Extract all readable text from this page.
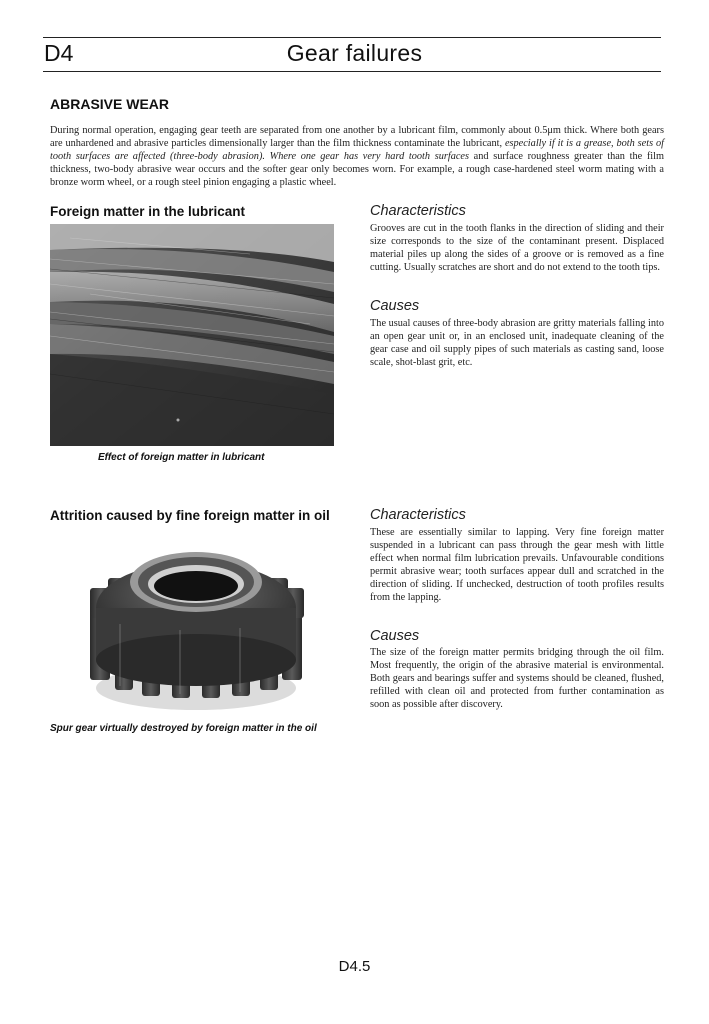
D4	Gear failures
ABRASIVE WEAR

During normal operation, engaging gear teeth are separated from one another by a lubricant film, commonly about 0.5μm thick. Where both gears are unhardened and abrasive particles dimensionally larger than the film thickness contaminate the lubricant, especially if it is a grease, both sets of tooth surfaces are affected (three-body abrasion). Where one gear has very hard tooth surfaces and surface roughness greater than the film thickness, two-body abrasive wear occurs and the softer gear only becomes worn. For example, a rough case-hardened steel worm mating with a bronze worm wheel, or a rough steel pinion engaging a plastic wheel.

Foreign matter in the lubricant
Effect of foreign matter in lubricant
Characteristics

Grooves are cut in the tooth flanks in the direction of sliding and their size corresponds to the size of the contaminant present. Displaced material piles up along the sides of a groove or is removed as a fine cutting. Usually scratches are short and do not extend to the tooth tips.

Causes

The usual causes of three-body abrasion are gritty materials falling into an open gear unit or, in an enclosed unit, inadequate cleaning of the gear case and oil supply pipes of such materials as casting sand, loose scale, shot-blast grit, etc.

Attrition caused by fine foreign matter in oil
Spur gear virtually destroyed by foreign matter in the oil
Characteristics

These are essentially similar to lapping. Very fine foreign matter suspended in a lubricant can pass through the gear mesh with little effect when normal film lubrication prevails. Unfavourable conditions permit abrasive wear; tooth surfaces appear dull and scratched in the direction of sliding. If unchecked, destruction of tooth profiles results from the lapping.

Causes

The size of the foreign matter permits bridging through the oil film. Most frequently, the origin of the abrasive material is environmental. Both gears and bearings suffer and systems should be cleaned, flushed, refilled with clean oil and protected from further contamination as soon as possible after discovery.

D4.5
